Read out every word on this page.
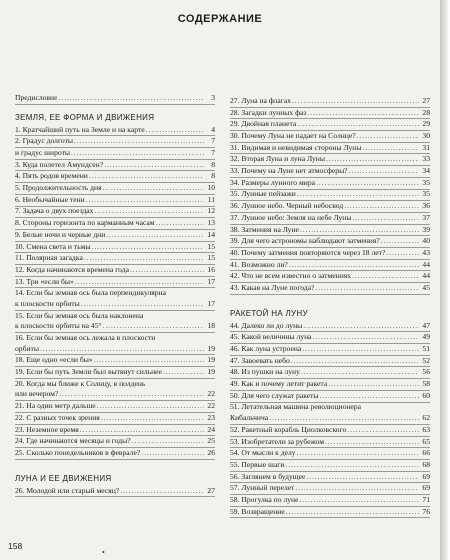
СОДЕРЖАНИЕ
Предисловие . . .	3
ЗЕМЛЯ, ЕЕ ФОРМА И ДВИЖЕНИЯ
1. Кратчайший путь на Земле и на карте . . .	4
2. Градус долготы . . .	7
и градус широты . . .	7
3. Куда полетел Амундсен? . . .	8
4. Пять родов времени . . .	8
5. Продолжительность дня . . .	10
6. Необычайные тени . . .	11
7. Задача о двух поездах . . .	12
8. Стороны горизонта по карманным часам . . .	13
9. Белые ночи и черные дни . . .	14
10. Смена света и тьмы . . .	15
11. Полярная загадка . . .	15
12. Когда начинаются времена года . . .	16
13. Три «если бы» . . .	17
14. Если бы земная ось была перпендикулярна
к плоскости орбиты . . .	17
15. Если бы земная ось была наклонена
к плоскости орбиты на 45° . . .	18
16. Если бы земная ось лежала в плоскости
орбиты . . .	19
18. Еще одно «если бы» . . .	19
19. Если бы путь Земли был вытянут сильнее . . .	19
20. Когда мы ближе к Солнцу, в полдень
или вечером? . . .	22
21. На один метр дальше . . .	22
22. С разных точек зрения . . .	23
23. Неземное время . . .	24
24. Где начинаются месяцы и годы? . . .	25
25. Сколько понедельников в феврале? . . .	26
ЛУНА И ЕЕ ДВИЖЕНИЯ
26. Молодой или старый месяц? . . .	27
27. Луна на флагах . . .	27
28. Загадки лунных фаз . . .	28
29. Двойная планета . . .	29
30. Почему Луна не падает на Солнце? . . .	30
31. Видимая и невидимая стороны Луны . . .	31
32. Вторая Луна и луна Луны . . .	33
33. Почему на Луне нет атмосферы? . . .	34
34. Размеры лунного мира . . .	35
35. Лунные пейзажи . . .	35
36. Лунное небо. Черный небосвод . . .	36
37. Лунное небо: Земля на небе Луны . . .	37
38. Затмения на Луне . . .	39
39. Для чего астрономы наблюдают затмения? . . .	40
40. Почему затмения повторяются через 18 лет? . . .	43
41. Возможно ли? . . .	44
42. Что не всем известно о затмениях . . .	44
43. Какая на Луне погода? . . .	45
РАКЕТОЙ НА ЛУНУ
44. Далеко ли до луны . . .	47
45. Какой величины луна . . .	49
46. Как луна устроена . . .	51
47. Завоевать небо . . .	52
48. Из пушки на луну . . .	56
49. Как и почему летит ракета . . .	58
50. Для чего служат ракеты . . .	60
51. Летательная машина революционера
Кибальчича . . .	62
52. Ракетный корабль Циолковского . . .	63
53. Изобретатели за рубежом . . .	65
54. От мысли к делу . . .	66
55. Первые шаги . . .	68
56. Заглянем в будущее . . .	69
57. Лунный перелет . . .	69
58. Прогулка по луне . . .	71
59. Возвращение . . .	76
•
158
